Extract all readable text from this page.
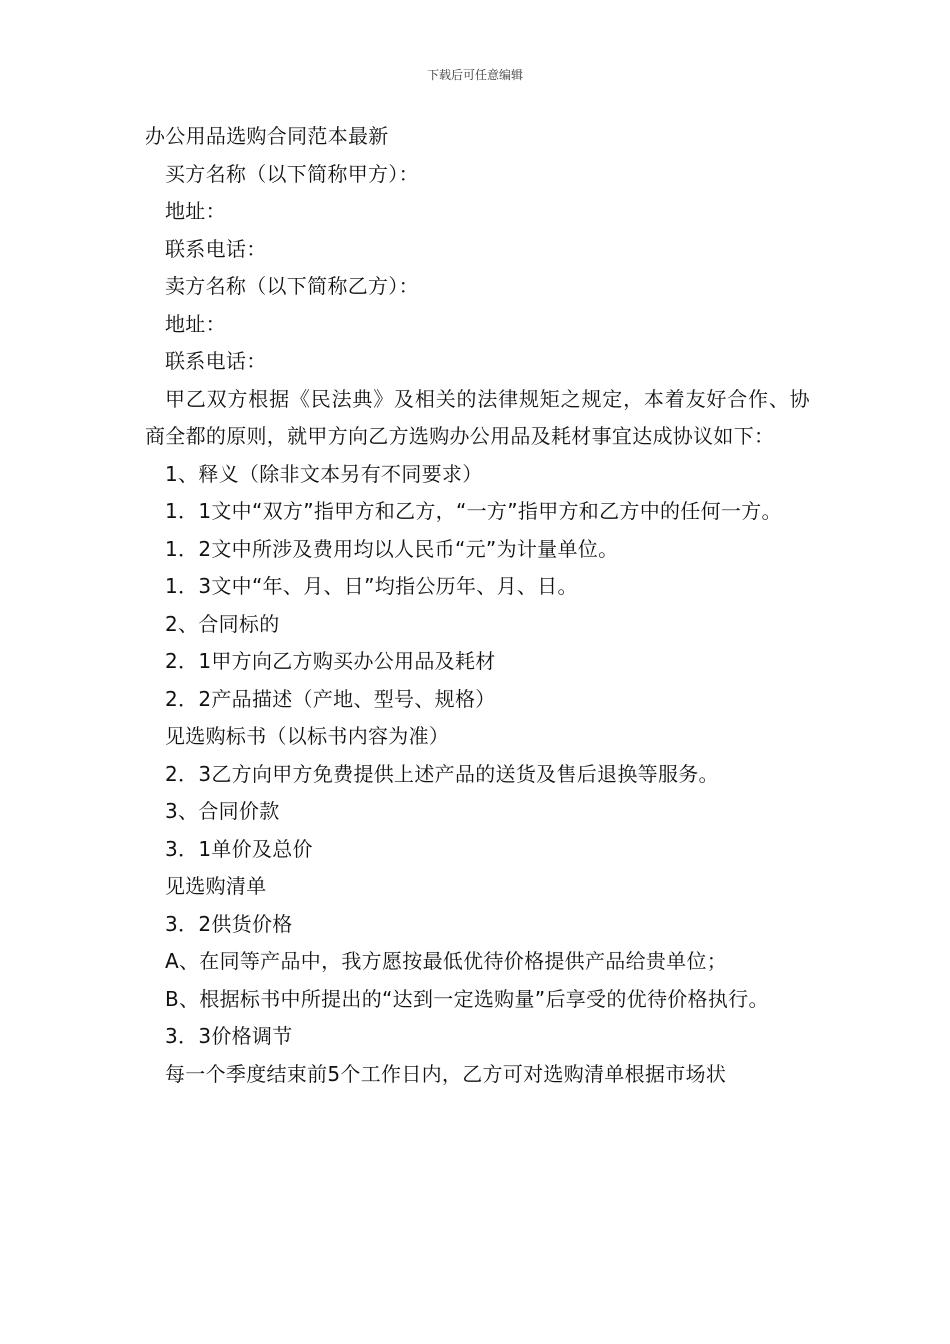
下载后可任意编辑
办公用品选购合同范本最新

买方名称（以下简称甲方）：

地址：

联系电话：

卖方名称（以下简称乙方）：

地址：

联系电话：

甲乙双方根据《民法典》及相关的法律规矩之规定，本着友好合作、协商全都的原则，就甲方向乙方选购办公用品及耗材事宜达成协议如下：

1、释义（除非文本另有不同要求）

1．1文中“双方”指甲方和乙方，“一方”指甲方和乙方中的任何一方。

1．2文中所涉及费用均以人民币“元”为计量单位。

1．3文中“年、月、日”均指公历年、月、日。

2、合同标的

2．1甲方向乙方购买办公用品及耗材

2．2产品描述（产地、型号、规格）

见选购标书（以标书内容为准）

2．3乙方向甲方免费提供上述产品的送货及售后退换等服务。

3、合同价款

3．1单价及总价

见选购清单

3．2供货价格

A、在同等产品中，我方愿按最低优待价格提供产品给贵单位；

B、根据标书中所提出的“达到一定选购量”后享受的优待价格执行。

3．3价格调节

每一个季度结束前5个工作日内，乙方可对选购清单根据市场状
